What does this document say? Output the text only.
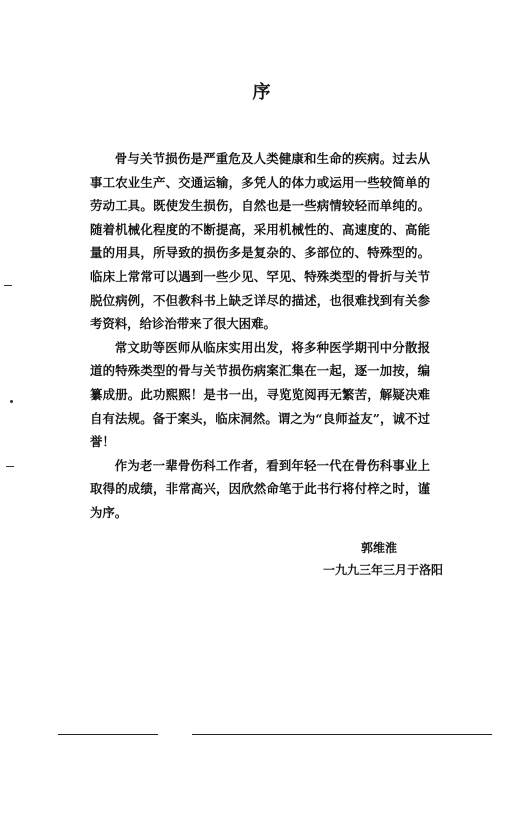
序

骨与关节损伤是严重危及人类健康和生命的疾病。过去从事工农业生产、交通运输，多凭人的体力或运用一些较简单的劳动工具。既使发生损伤，自然也是一些病情较轻而单纯的。随着机械化程度的不断提高，采用机械性的、高速度的、高能量的用具，所导致的损伤多是复杂的、多部位的、特殊型的。临床上常常可以遇到一些少见、罕见、特殊类型的骨折与关节脱位病例，不但教科书上缺乏详尽的描述，也很难找到有关参考资料，给诊治带来了很大困难。

常文助等医师从临床实用出发，将多种医学期刊中分散报道的特殊类型的骨与关节损伤病案汇集在一起，逐一加按，编纂成册。此功熙熙！是书一出，寻览览阅再无繁苦，解疑决难自有法规。备于案头，临床洞然。谓之为“良师益友”，诚不过誉！

作为老一辈骨伤科工作者，看到年轻一代在骨伤科事业上取得的成绩，非常高兴，因欣然命笔于此书行将付梓之时，谨为序。

郭维淮
一九九三年三月于洛阳
